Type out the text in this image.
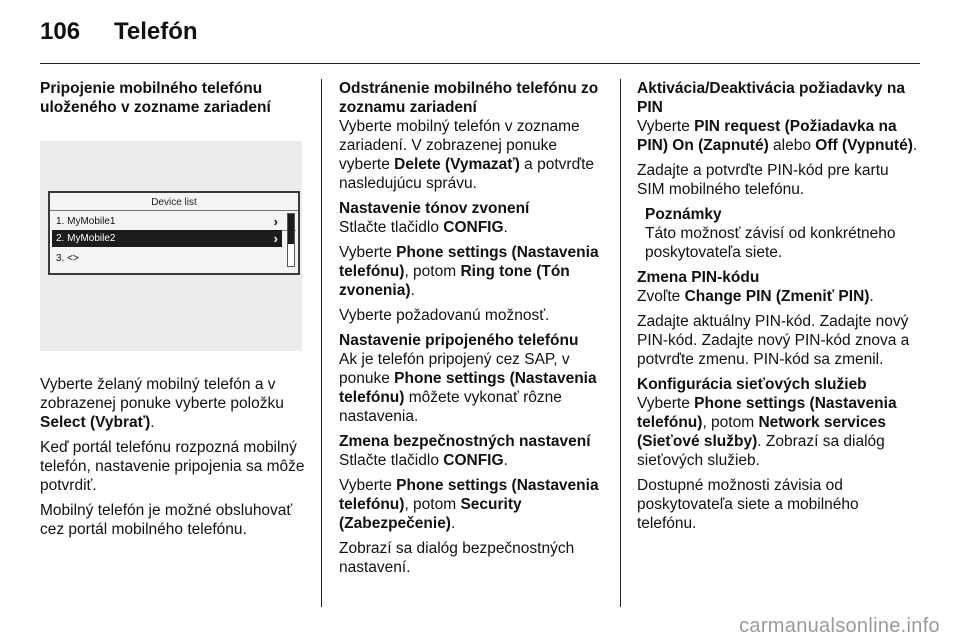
106 Telefón
Pripojenie mobilného telefónu uloženého v zozname zariadení
Device list
1. MyMobile1	›
2. MyMobile2	›
3. <>
Vyberte želaný mobilný telefón a v zobrazenej ponuke vyberte položku Select (Vybrať).
Keď portál telefónu rozpozná mobilný telefón, nastavenie pripojenia sa môže potvrdiť.
Mobilný telefón je možné obsluhovať cez portál mobilného telefónu.
Odstránenie mobilného telefónu zo zoznamu zariadení
Vyberte mobilný telefón v zozname zariadení. V zobrazenej ponuke vyberte Delete (Vymazať) a potvrďte nasledujúcu správu.
Nastavenie tónov zvonení
Stlačte tlačidlo CONFIG.
Vyberte Phone settings (Nastavenia telefónu), potom Ring tone (Tón zvonenia).
Vyberte požadovanú možnosť.
Nastavenie pripojeného telefónu
Ak je telefón pripojený cez SAP, v ponuke Phone settings (Nastavenia telefónu) môžete vykonať rôzne nastavenia.
Zmena bezpečnostných nastavení
Stlačte tlačidlo CONFIG.
Vyberte Phone settings (Nastavenia telefónu), potom Security (Zabezpečenie).
Zobrazí sa dialóg bezpečnostných nastavení.
Aktivácia/Deaktivácia požiadavky na PIN
Vyberte PIN request (Požiadavka na PIN) On (Zapnuté) alebo Off (Vypnuté).
Zadajte a potvrďte PIN-kód pre kartu SIM mobilného telefónu.
Poznámky
Táto možnosť závisí od konkrétneho poskytovateľa siete.
Zmena PIN-kódu
Zvoľte Change PIN (Zmeniť PIN).
Zadajte aktuálny PIN-kód. Zadajte nový PIN-kód. Zadajte nový PIN-kód znova a potvrďte zmenu. PIN-kód sa zmenil.
Konfigurácia sieťových služieb
Vyberte Phone settings (Nastavenia telefónu), potom Network services (Sieťové služby). Zobrazí sa dialóg sieťových služieb.
Dostupné možnosti závisia od poskytovateľa siete a mobilného telefónu.
carmanualsonline.info
